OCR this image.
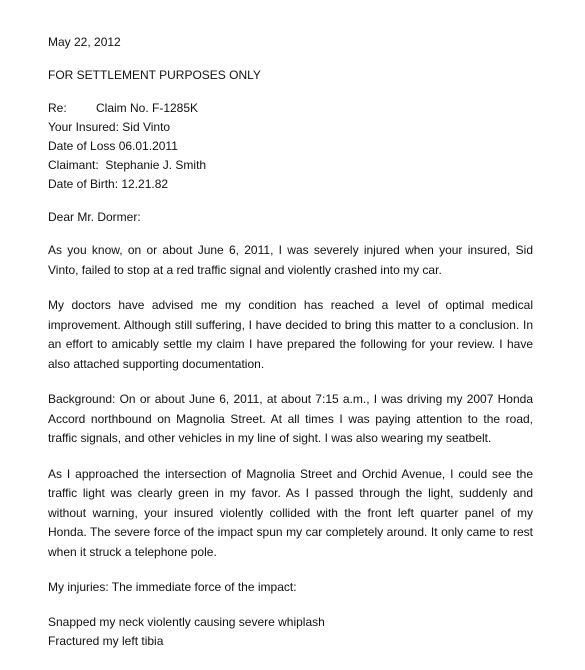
May 22, 2012
FOR SETTLEMENT PURPOSES ONLY
Re: Claim No. F-1285K
Your Insured: Sid Vinto
Date of Loss 06.01.2011
Claimant:  Stephanie J. Smith
Date of Birth: 12.21.82
Dear Mr. Dormer:
As you know, on or about June 6, 2011, I was severely injured when your insured, Sid Vinto, failed to stop at a red traffic signal and violently crashed into my car.
My doctors have advised me my condition has reached a level of optimal medical improvement. Although still suffering, I have decided to bring this matter to a conclusion. In an effort to amicably settle my claim I have prepared the following for your review. I have also attached supporting documentation.
Background: On or about June 6, 2011, at about 7:15 a.m., I was driving my 2007 Honda Accord northbound on Magnolia Street. At all times I was paying attention to the road, traffic signals, and other vehicles in my line of sight. I was also wearing my seatbelt.
As I approached the intersection of Magnolia Street and Orchid Avenue, I could see the traffic light was clearly green in my favor. As I passed through the light, suddenly and without warning, your insured violently collided with the front left quarter panel of my Honda. The severe force of the impact spun my car completely around. It only came to rest when it struck a telephone pole.
My injuries: The immediate force of the impact:
Snapped my neck violently causing severe whiplash
Fractured my left tibia
